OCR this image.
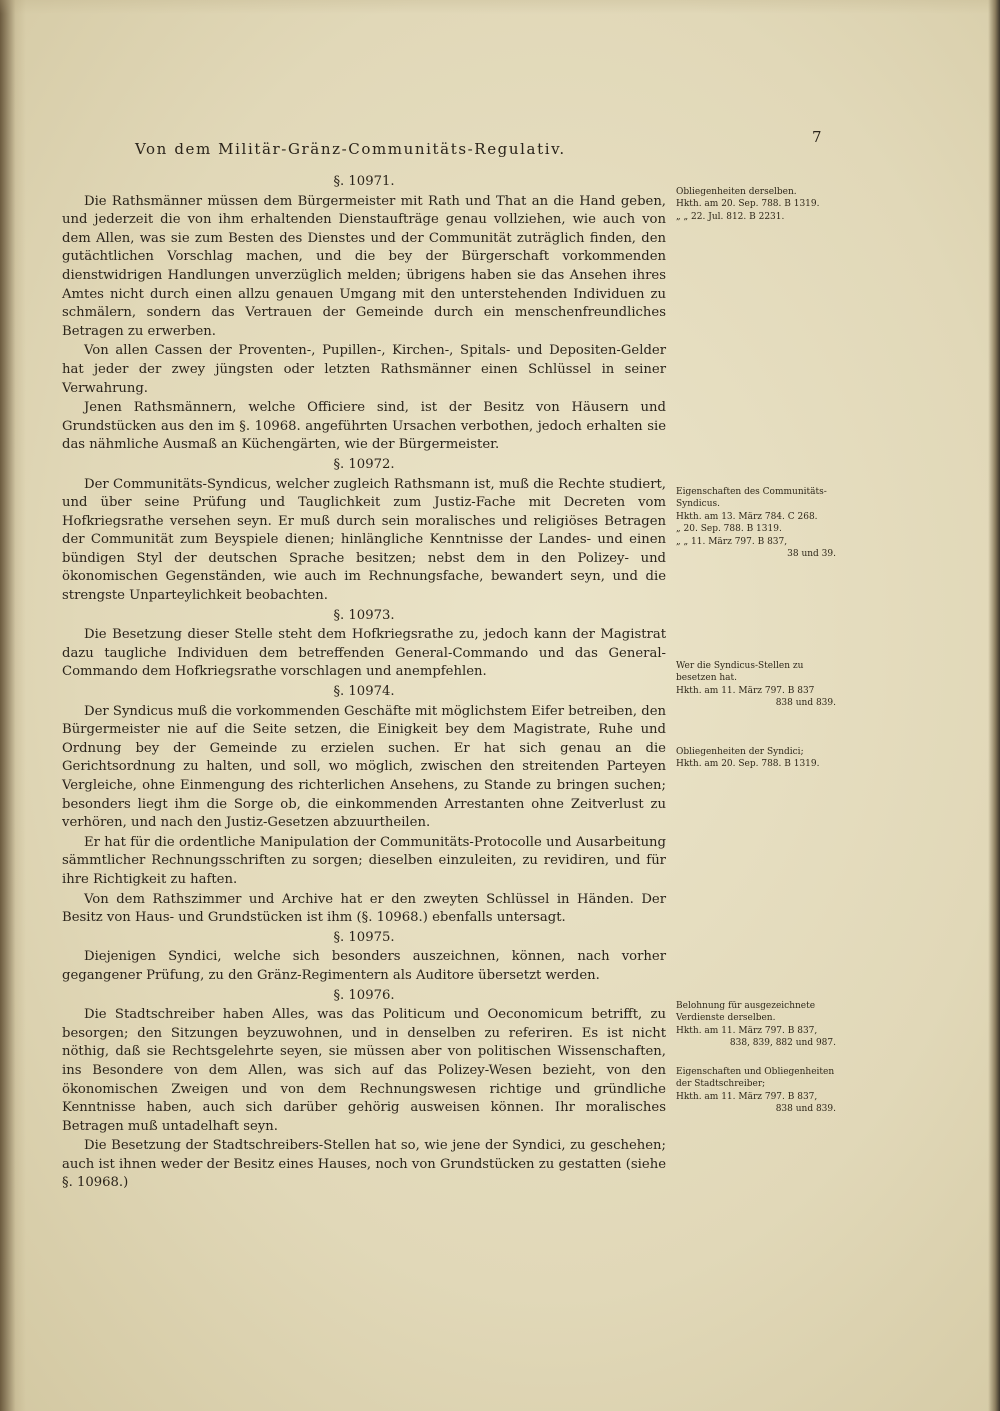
Von dem Militär-Gränz-Communitäts-Regulativ.
7
§. 10971.

Die Rathsmänner müssen dem Bürgermeister mit Rath und That an die Hand geben, und jederzeit die von ihm erhaltenden Dienstaufträge genau vollziehen, wie auch von dem Allen, was sie zum Besten des Dienstes und der Communität zuträglich finden, den gutächtlichen Vorschlag machen, und die bey der Bürgerschaft vorkommenden dienstwidrigen Handlungen unverzüglich melden; übrigens haben sie das Ansehen ihres Amtes nicht durch einen allzu genauen Umgang mit den unterstehenden Individuen zu schmälern, sondern das Vertrauen der Gemeinde durch ein menschenfreundliches Betragen zu erwerben.

Von allen Cassen der Proventen-, Pupillen-, Kirchen-, Spitals- und Depositen-Gelder hat jeder der zwey jüngsten oder letzten Rathsmänner einen Schlüssel in seiner Verwahrung.

Jenen Rathsmännern, welche Officiere sind, ist der Besitz von Häusern und Grundstücken aus den im §. 10968. angeführten Ursachen verbothen, jedoch erhalten sie das nähmliche Ausmaß an Küchengärten, wie der Bürgermeister.

§. 10972.

Der Communitäts-Syndicus, welcher zugleich Rathsmann ist, muß die Rechte studiert, und über seine Prüfung und Tauglichkeit zum Justiz-Fache mit Decreten vom Hofkriegsrathe versehen seyn. Er muß durch sein moralisches und religiöses Betragen der Communität zum Beyspiele dienen; hinlängliche Kenntnisse der Landes- und einen bündigen Styl der deutschen Sprache besitzen; nebst dem in den Polizey- und ökonomischen Gegenständen, wie auch im Rechnungsfache, bewandert seyn, und die strengste Unparteylichkeit beobachten.

§. 10973.

Die Besetzung dieser Stelle steht dem Hofkriegsrathe zu, jedoch kann der Magistrat dazu taugliche Individuen dem betreffenden General-Commando und das General-Commando dem Hofkriegsrathe vorschlagen und anempfehlen.

§. 10974.

Der Syndicus muß die vorkommenden Geschäfte mit möglichstem Eifer betreiben, den Bürgermeister nie auf die Seite setzen, die Einigkeit bey dem Magistrate, Ruhe und Ordnung bey der Gemeinde zu erzielen suchen. Er hat sich genau an die Gerichtsordnung zu halten, und soll, wo möglich, zwischen den streitenden Parteyen Vergleiche, ohne Einmengung des richterlichen Ansehens, zu Stande zu bringen suchen; besonders liegt ihm die Sorge ob, die einkommenden Arrestanten ohne Zeitverlust zu verhören, und nach den Justiz-Gesetzen abzuurtheilen.

Er hat für die ordentliche Manipulation der Communitäts-Protocolle und Ausarbeitung sämmtlicher Rechnungsschriften zu sorgen; dieselben einzuleiten, zu revidiren, und für ihre Richtigkeit zu haften.

Von dem Rathszimmer und Archive hat er den zweyten Schlüssel in Händen. Der Besitz von Haus- und Grundstücken ist ihm (§. 10968.) ebenfalls untersagt.

§. 10975.

Diejenigen Syndici, welche sich besonders auszeichnen, können, nach vorher gegangener Prüfung, zu den Gränz-Regimentern als Auditore übersetzt werden.

§. 10976.

Die Stadtschreiber haben Alles, was das Politicum und Oeconomicum betrifft, zu besorgen; den Sitzungen beyzuwohnen, und in denselben zu referiren. Es ist nicht nöthig, daß sie Rechtsgelehrte seyen, sie müssen aber von politischen Wissenschaften, ins Besondere von dem Allen, was sich auf das Polizey-Wesen bezieht, von den ökonomischen Zweigen und von dem Rechnungswesen richtige und gründliche Kenntnisse haben, auch sich darüber gehörig ausweisen können. Ihr moralisches Betragen muß untadelhaft seyn.

Die Besetzung der Stadtschreibers-Stellen hat so, wie jene der Syndici, zu geschehen; auch ist ihnen weder der Besitz eines Hauses, noch von Grundstücken zu gestatten (siehe §. 10968.)

Obliegenheiten derselben.
Hkth. am 20. Sep. 788. B 1319.
„ „ 22. Jul. 812. B 2231.
Eigenschaften des Communitäts-Syndicus.
Hkth. am 13. März 784. C 268.
„ 20. Sep. 788. B 1319.
„ „ 11. März 797. B 837,
38 und 39.
Wer die Syndicus-Stellen zu besetzen hat.
Hkth. am 11. März 797. B 837
838 und 839.
Obliegenheiten der Syndici;
Hkth. am 20. Sep. 788. B 1319.
Belohnung für ausgezeichnete Verdienste derselben.
Hkth. am 11. März 797. B 837,
838, 839, 882 und 987.
Eigenschaften und Obliegenheiten der Stadtschreiber;
Hkth. am 11. März 797. B 837,
838 und 839.
